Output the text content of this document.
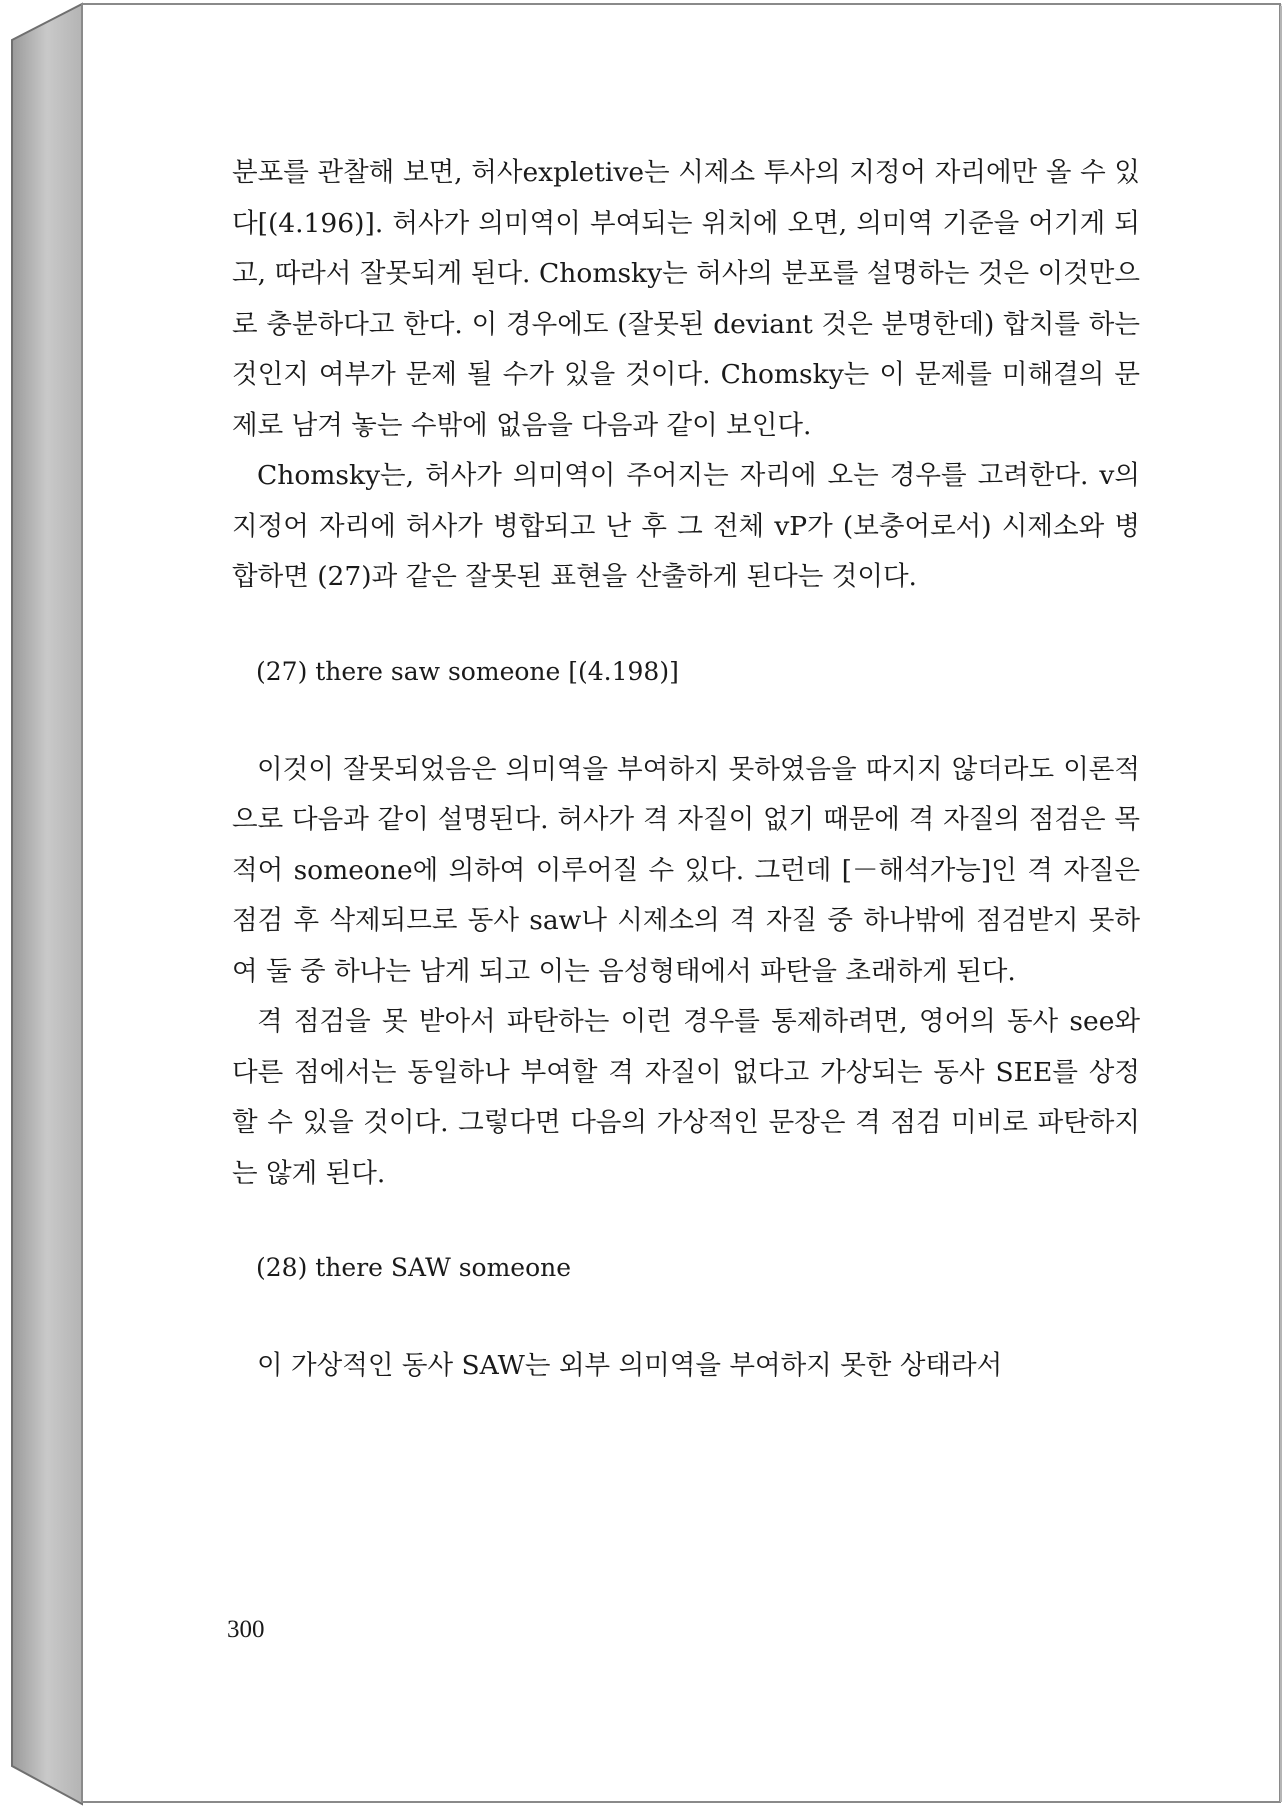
분포를 관찰해 보면, 허사expletive는 시제소 투사의 지정어 자리에만 올 수 있다[(4.196)]. 허사가 의미역이 부여되는 위치에 오면, 의미역 기준을 어기게 되고, 따라서 잘못되게 된다. Chomsky는 허사의 분포를 설명하는 것은 이것만으로 충분하다고 한다. 이 경우에도 (잘못된 deviant 것은 분명한데) 합치를 하는 것인지 여부가 문제 될 수가 있을 것이다. Chomsky는 이 문제를 미해결의 문제로 남겨 놓는 수밖에 없음을 다음과 같이 보인다.

Chomsky는, 허사가 의미역이 주어지는 자리에 오는 경우를 고려한다. v의 지정어 자리에 허사가 병합되고 난 후 그 전체 vP가 (보충어로서) 시제소와 병합하면 (27)과 같은 잘못된 표현을 산출하게 된다는 것이다.

(27) there saw someone [(4.198)]

이것이 잘못되었음은 의미역을 부여하지 못하였음을 따지지 않더라도 이론적으로 다음과 같이 설명된다. 허사가 격 자질이 없기 때문에 격 자질의 점검은 목적어 someone에 의하여 이루어질 수 있다. 그런데 [－해석가능]인 격 자질은 점검 후 삭제되므로 동사 saw나 시제소의 격 자질 중 하나밖에 점검받지 못하여 둘 중 하나는 남게 되고 이는 음성형태에서 파탄을 초래하게 된다.

격 점검을 못 받아서 파탄하는 이런 경우를 통제하려면, 영어의 동사 see와 다른 점에서는 동일하나 부여할 격 자질이 없다고 가상되는 동사 SEE를 상정할 수 있을 것이다. 그렇다면 다음의 가상적인 문장은 격 점검 미비로 파탄하지는 않게 된다.

(28) there SAW someone

이 가상적인 동사 SAW는 외부 의미역을 부여하지 못한 상태라서

300
